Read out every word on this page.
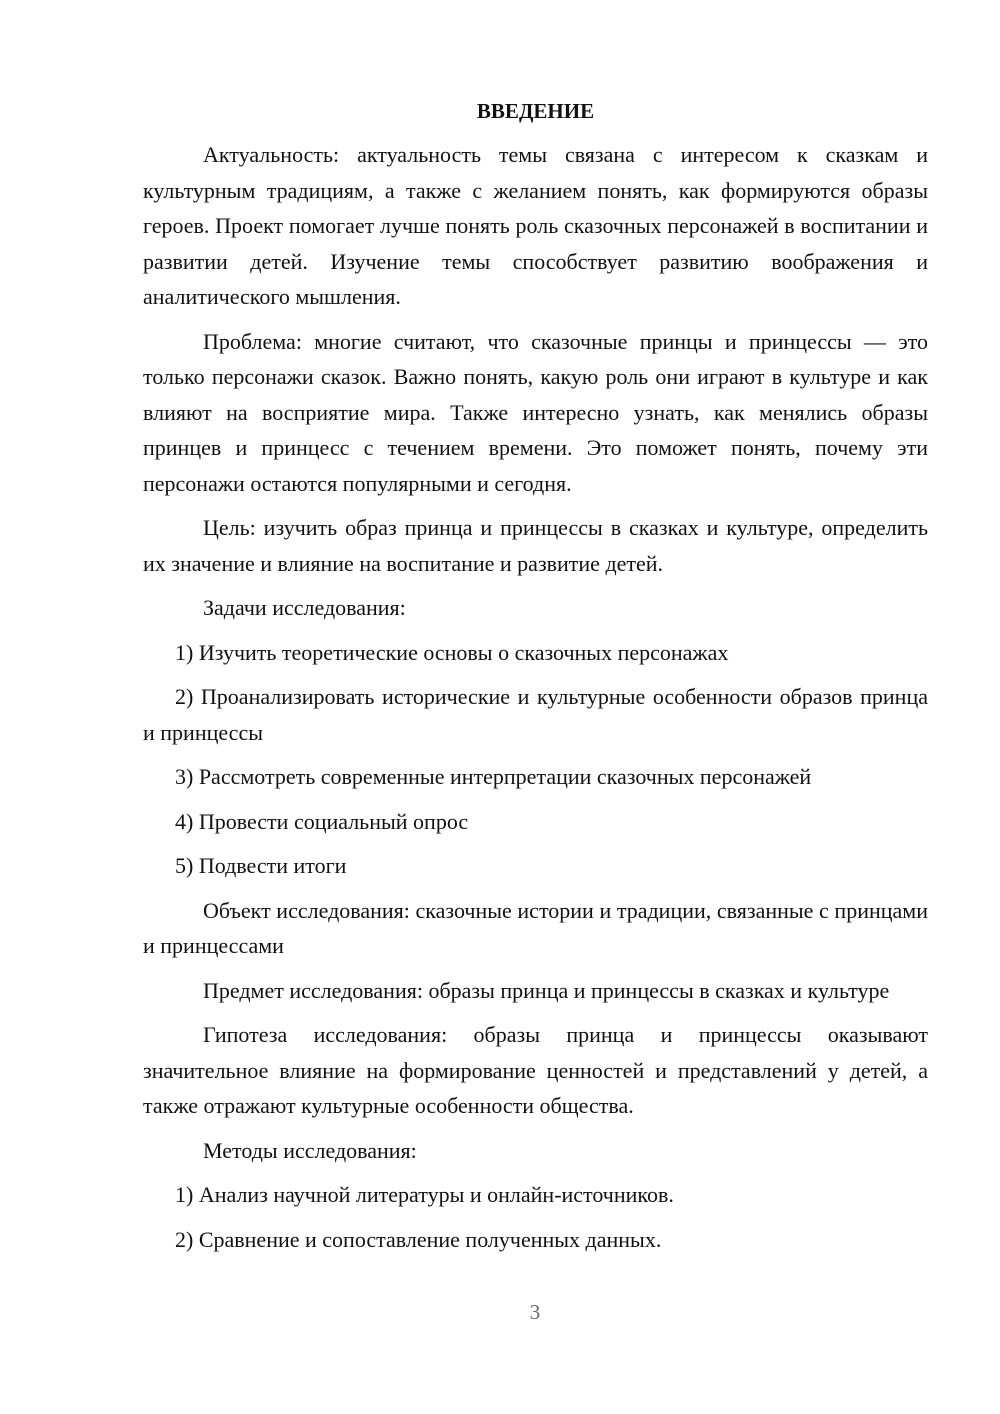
ВВЕДЕНИЕ

Актуальность: актуальность темы связана с интересом к сказкам и культурным традициям, а также с желанием понять, как формируются образы героев. Проект помогает лучше понять роль сказочных персонажей в воспитании и развитии детей. Изучение темы способствует развитию воображения и аналитического мышления.

Проблема: многие считают, что сказочные принцы и принцессы — это только персонажи сказок. Важно понять, какую роль они играют в культуре и как влияют на восприятие мира. Также интересно узнать, как менялись образы принцев и принцесс с течением времени. Это поможет понять, почему эти персонажи остаются популярными и сегодня.

Цель: изучить образ принца и принцессы в сказках и культуре, определить их значение и влияние на воспитание и развитие детей.

Задачи исследования:

1) Изучить теоретические основы о сказочных персонажах

2) Проанализировать исторические и культурные особенности образов принца и принцессы

3) Рассмотреть современные интерпретации сказочных персонажей

4) Провести социальный опрос

5) Подвести итоги

Объект исследования: сказочные истории и традиции, связанные с принцами и принцессами

Предмет исследования: образы принца и принцессы в сказках и культуре

Гипотеза исследования: образы принца и принцессы оказывают значительное влияние на формирование ценностей и представлений у детей, а также отражают культурные особенности общества.

Методы исследования:

1) Анализ научной литературы и онлайн-источников.

2) Сравнение и сопоставление полученных данных.

3
